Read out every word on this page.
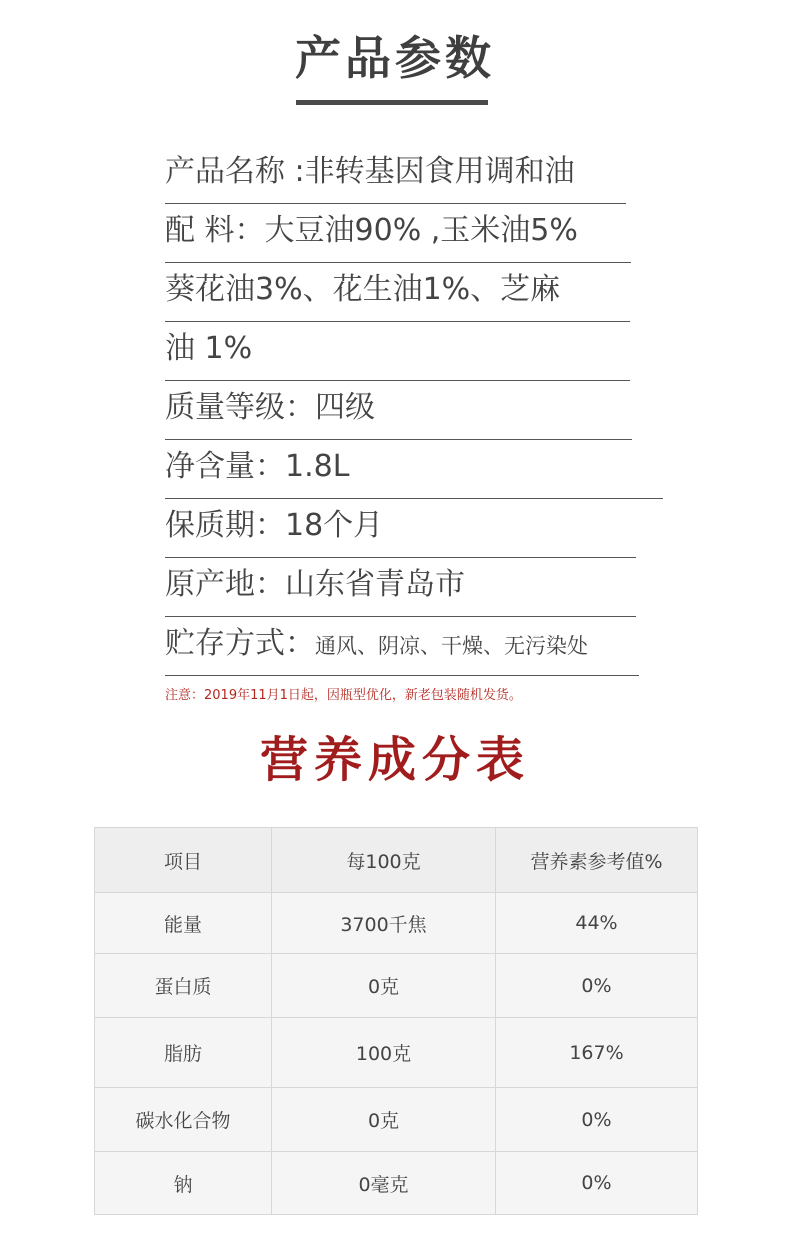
产品参数
产品名称 :非转基因食用调和油
配 料：大豆油90% ,玉米油5%
葵花油3%、花生油1%、芝麻
油 1%
质量等级：四级
净含量：1.8L
保质期：18个月
原产地：山东省青岛市
贮存方式：通风、阴凉、干燥、无污染处
注意：2019年11月1日起，因瓶型优化，新老包装随机发货。
营养成分表
项目	每100克	营养素参考值%
能量	3700千焦	44%
蛋白质	0克	0%
脂肪	100克	167%
碳水化合物	0克	0%
钠	0毫克	0%
